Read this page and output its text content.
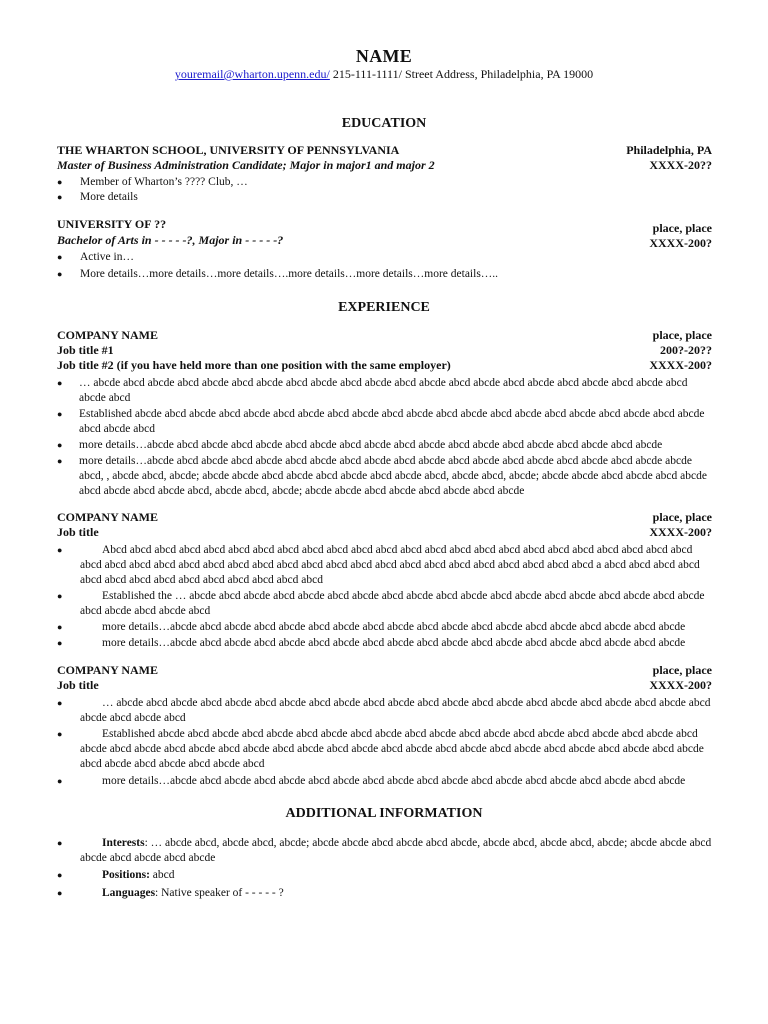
NAME
youremail@wharton.upenn.edu/ 215-111-1111/ Street Address, Philadelphia, PA 19000
EDUCATION
THE WHARTON SCHOOL, UNIVERSITY OF PENNSYLVANIA	Philadelphia, PA
Master of Business Administration Candidate; Major in major1 and major 2	XXXX-20??
●	Member of Wharton’s ???? Club, …
●	More details
UNIVERSITY OF ??	place, place
Bachelor of Arts in - - - - -?, Major in - - - - -?	XXXX-200?
●	Active in…
●	More details…more details…more details….more details…more details…more details…..
EXPERIENCE
COMPANY NAME	place, place
Job title #1	200?-20??
Job title #2 (if you have held more than one position with the same employer)	XXXX-200?
●	… abcde abcd abcde abcd abcde abcd abcde abcd abcde abcd abcde abcd abcde abcd abcde abcd abcde abcd abcde abcd abcde abcd abcde abcd
●	Established abcde abcd abcde abcd abcde abcd abcde abcd abcde abcd abcde abcd abcde abcd abcde abcd abcde abcd abcde abcd abcde abcd abcde abcd
●	more details…abcde abcd abcde abcd abcde abcd abcde abcd abcde abcd abcde abcd abcde abcd abcde abcd abcde abcd abcde
●	more details…abcde abcd abcde abcd abcde abcd abcde abcd abcde abcd abcde abcd abcde abcd abcde abcd abcde abcd abcde abcde abcd, , abcde abcd, abcde; abcde abcde abcd abcde abcd abcde abcd abcde abcd, abcde abcd, abcde; abcde abcde abcd abcde abcd abcde abcd abcde abcd abcde abcd, abcde abcd, abcde; abcde abcde abcd abcde abcd abcde abcd abcde
COMPANY NAME	place, place
Job title	XXXX-200?
●	Abcd abcd abcd abcd abcd abcd abcd abcd abcd abcd abcd abcd abcd abcd abcd abcd abcd abcd abcd abcd abcd abcd abcd abcd abcd abcd abcd abcd abcd abcd abcd abcd abcd abcd abcd abcd abcd abcd abcd abcd abcd abcd abcd abcd abcd a abcd abcd abcd abcd abcd abcd abcd abcd abcd abcd abcd abcd abcd abcd
●	Established the … abcde abcd abcde abcd abcde abcd abcde abcd abcde abcd abcde abcd abcde abcd abcde abcd abcde abcd abcde abcd abcde abcd abcde abcd
●	more details…abcde abcd abcde abcd abcde abcd abcde abcd abcde abcd abcde abcd abcde abcd abcde abcd abcde abcd abcde
●	more details…abcde abcd abcde abcd abcde abcd abcde abcd abcde abcd abcde abcd abcde abcd abcde abcd abcde abcd abcde
COMPANY NAME	place, place
Job title	XXXX-200?
●	… abcde abcd abcde abcd abcde abcd abcde abcd abcde abcd abcde abcd abcde abcd abcde abcd abcde abcd abcde abcd abcde abcd abcde abcd abcde abcd
●	Established abcde abcd abcde abcd abcde abcd abcde abcd abcde abcd abcde abcd abcde abcd abcde abcd abcde abcd abcde abcd abcde abcd abcde abcd abcde abcd abcde abcd abcde abcd abcde abcd abcde abcd abcde abcd abcde abcd abcde abcd abcde abcd abcde abcd abcde abcd abcde abcd abcde abcd
●	more details…abcde abcd abcde abcd abcde abcd abcde abcd abcde abcd abcde abcd abcde abcd abcde abcd abcde abcd abcde
ADDITIONAL INFORMATION
●	Interests: … abcde abcd, abcde abcd, abcde; abcde abcde abcd abcde abcd abcde, abcde abcd, abcde abcd, abcde; abcde abcde abcd abcde abcd abcde abcd abcde
●	Positions: abcd
●	Languages: Native speaker of - - - - - ?
